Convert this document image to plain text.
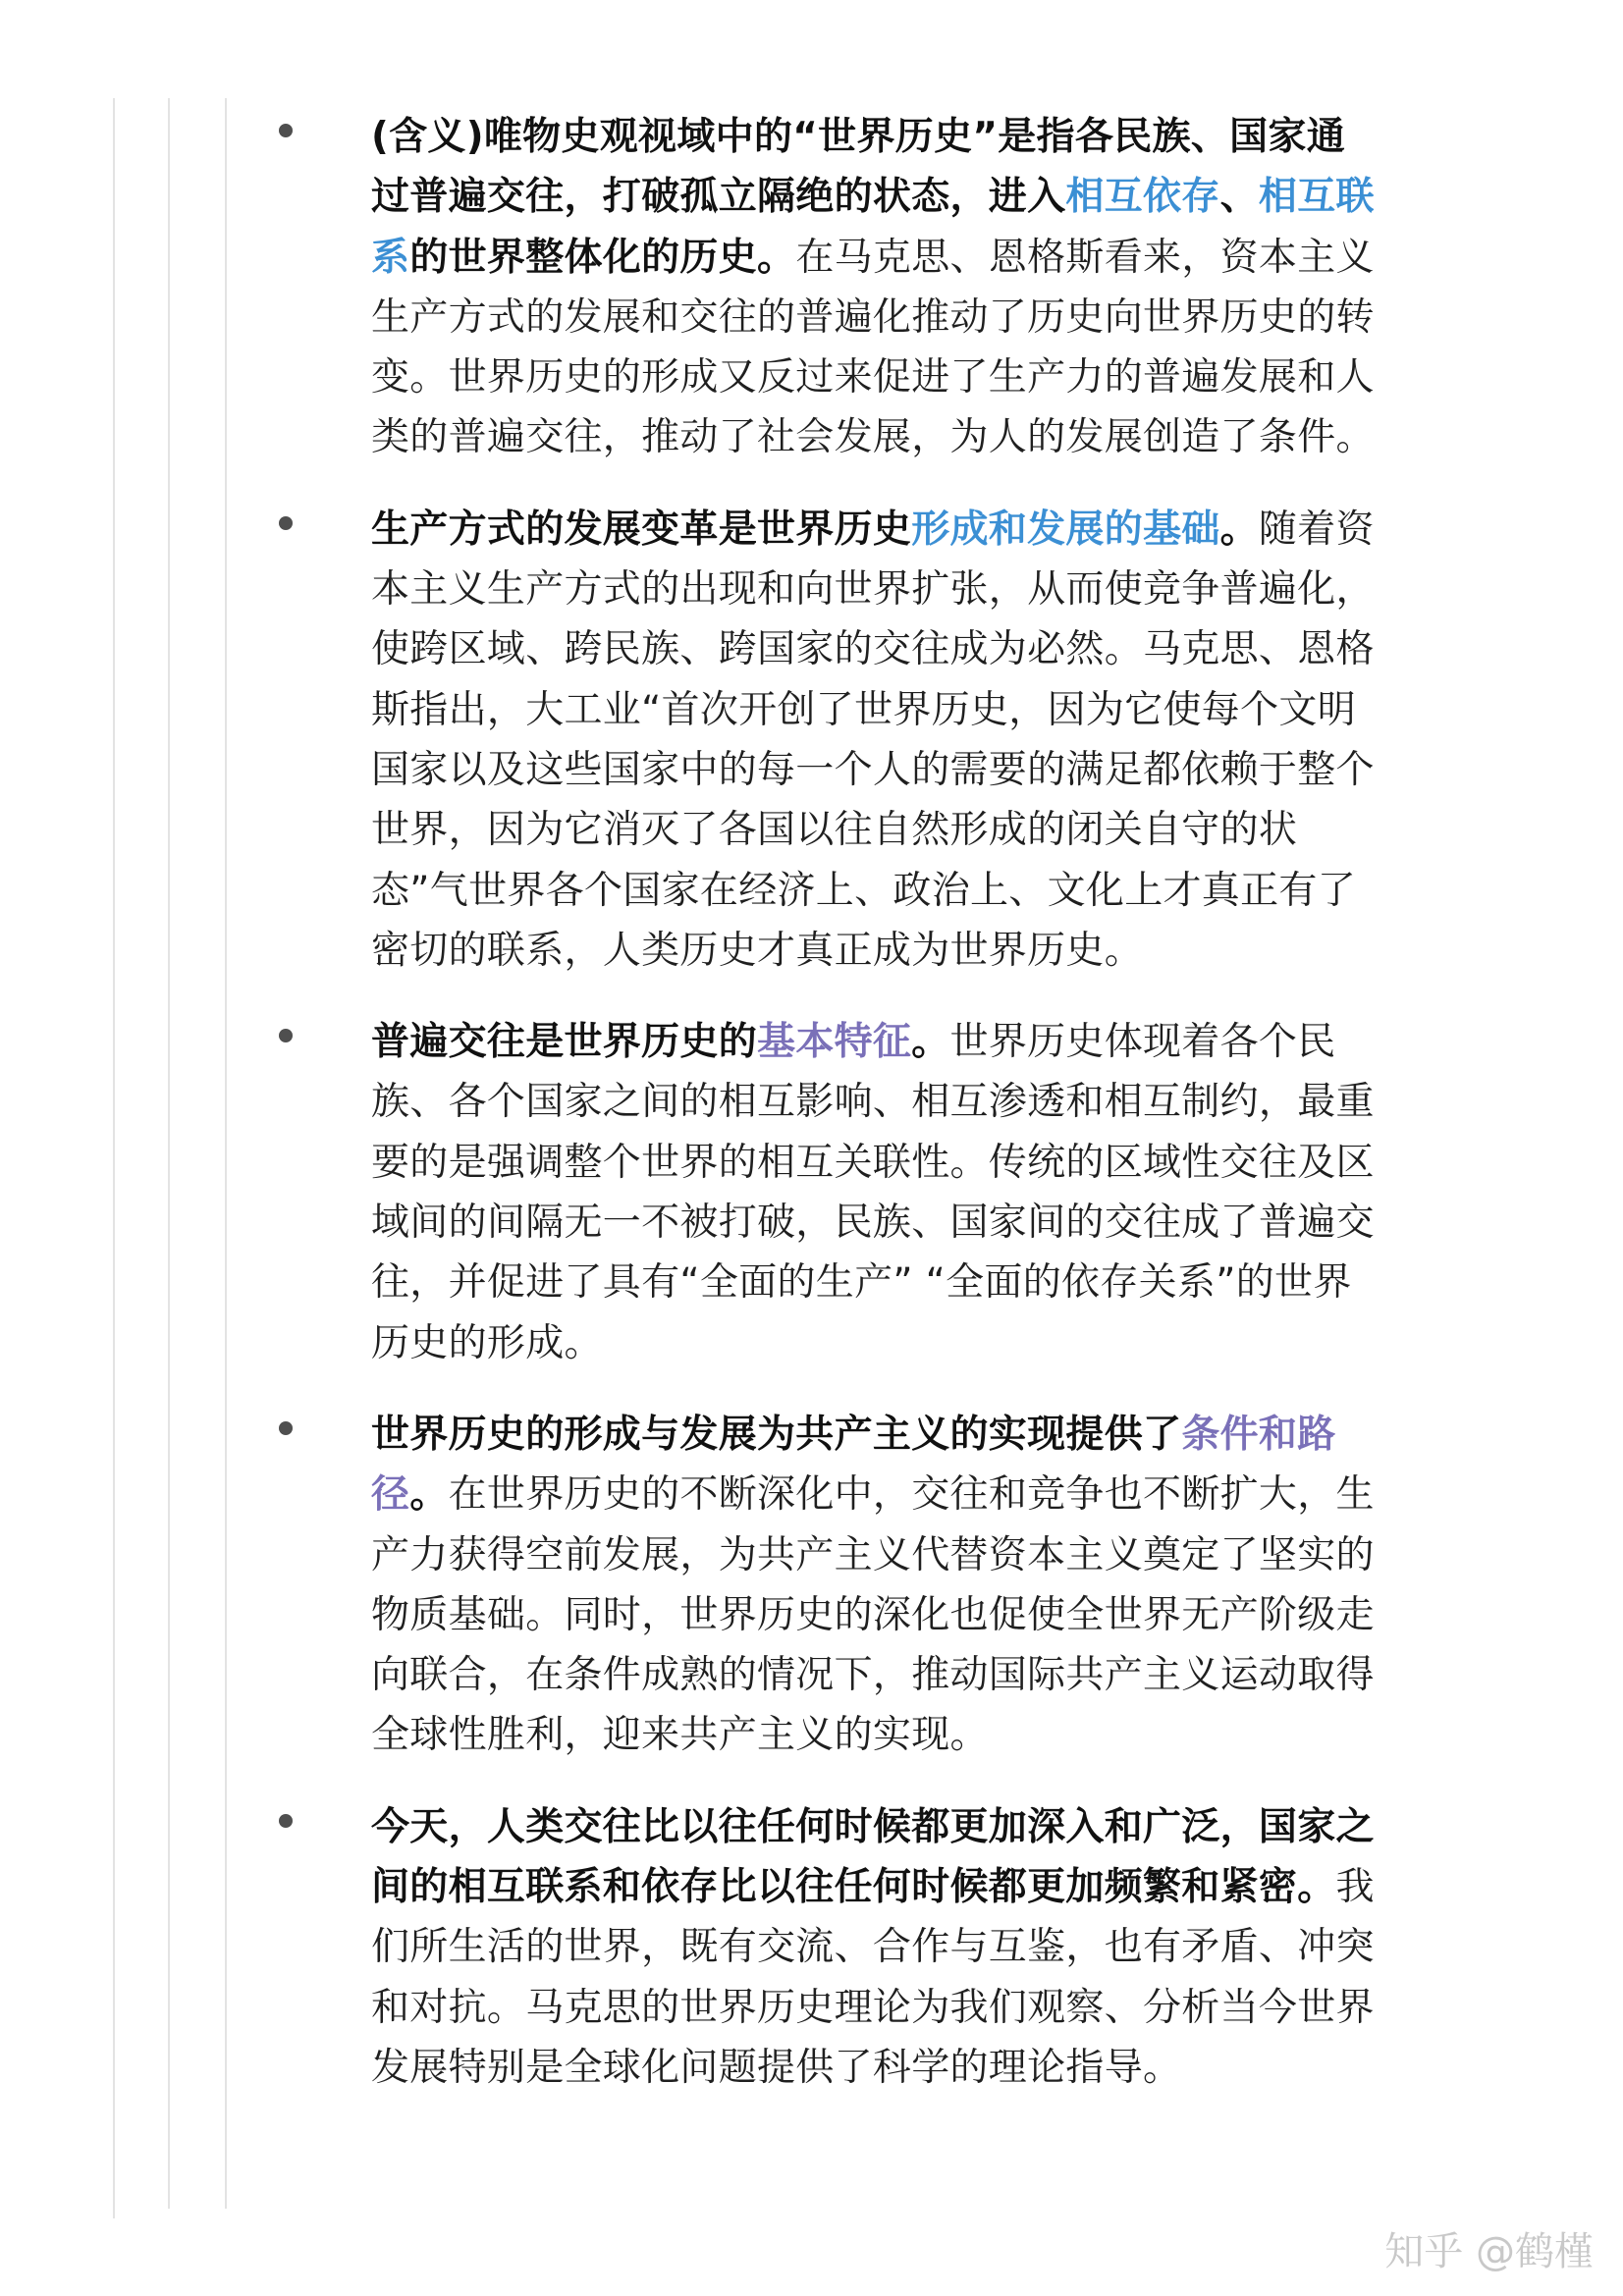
(含义)唯物史观视域中的“世界历史”是指各民族、国家通过普遍交往，打破孤立隔绝的状态，进入相互依存、相互联系的世界整体化的历史。在马克思、恩格斯看来，资本主义生产方式的发展和交往的普遍化推动了历史向世界历史的转变。世界历史的形成又反过来促进了生产力的普遍发展和人类的普遍交往，推动了社会发展，为人的发展创造了条件。

生产方式的发展变革是世界历史形成和发展的基础。随着资本主义生产方式的出现和向世界扩张，从而使竞争普遍化，使跨区域、跨民族、跨国家的交往成为必然。马克思、恩格斯指出，大工业“首次开创了世界历史，因为它使每个文明国家以及这些国家中的每一个人的需要的满足都依赖于整个世界，因为它消灭了各国以往自然形成的闭关自守的状态”气世界各个国家在经济上、政治上、文化上才真正有了密切的联系，人类历史才真正成为世界历史。

普遍交往是世界历史的基本特征。世界历史体现着各个民族、各个国家之间的相互影响、相互渗透和相互制约，最重要的是强调整个世界的相互关联性。传统的区域性交往及区域间的间隔无一不被打破，民族、国家间的交往成了普遍交往，并促进了具有“全面的生产” “全面的依存关系”的世界历史的形成。

世界历史的形成与发展为共产主义的实现提供了条件和路径。在世界历史的不断深化中，交往和竞争也不断扩大，生产力获得空前发展，为共产主义代替资本主义奠定了坚实的物质基础。同时，世界历史的深化也促使全世界无产阶级走向联合，在条件成熟的情况下，推动国际共产主义运动取得全球性胜利，迎来共产主义的实现。

今天，人类交往比以往任何时候都更加深入和广泛，国家之间的相互联系和依存比以往任何时候都更加频繁和紧密。我们所生活的世界，既有交流、合作与互鉴，也有矛盾、冲突和对抗。马克思的世界历史理论为我们观察、分析当今世界发展特别是全球化问题提供了科学的理论指导。

知乎 @鹤槿
